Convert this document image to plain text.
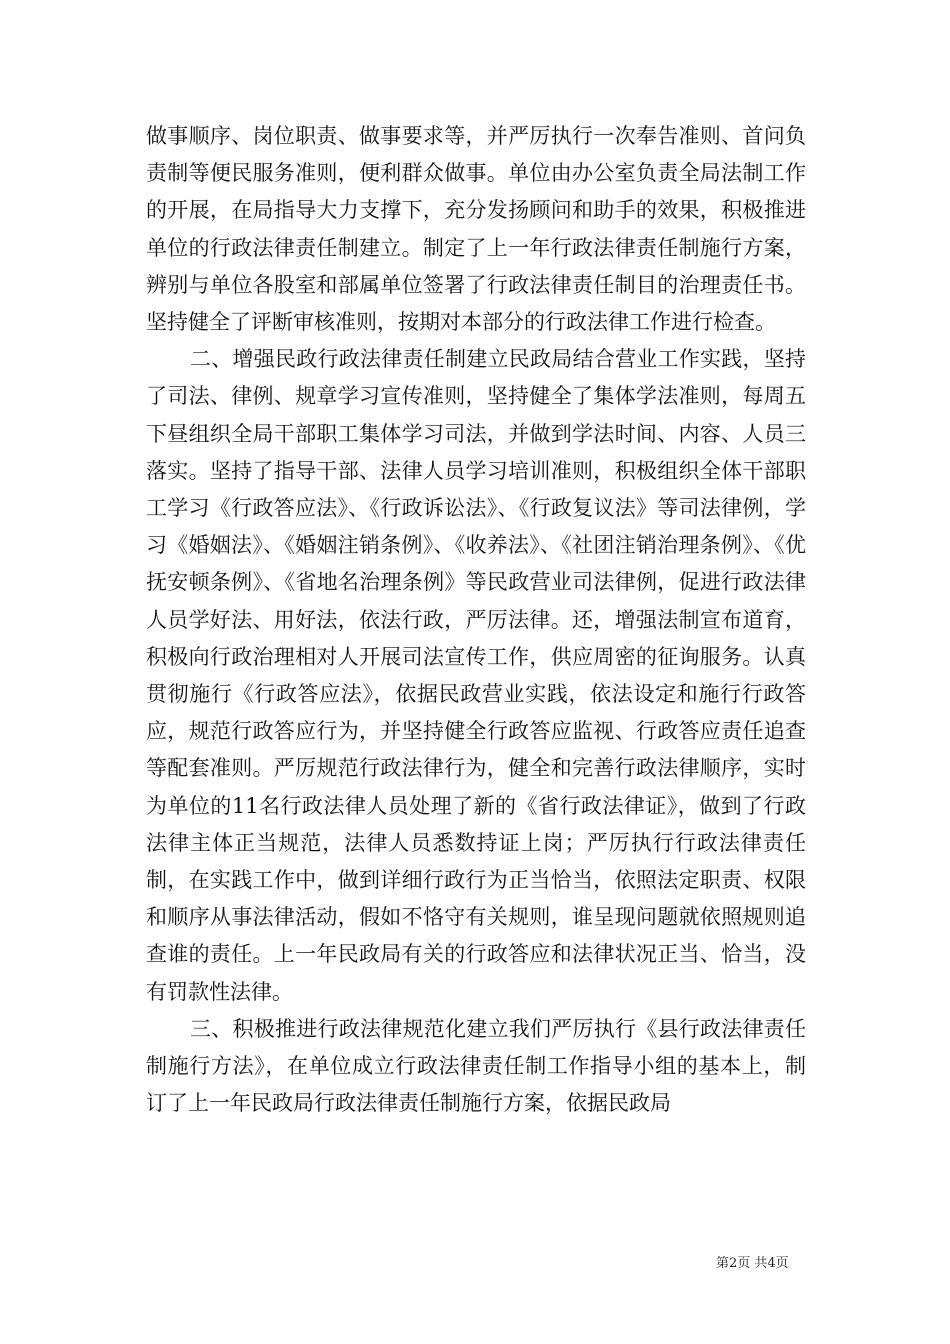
做事顺序、岗位职责、做事要求等，并严厉执行一次奉告准则、首问负责制等便民服务准则，便利群众做事。单位由办公室负责全局法制工作的开展，在局指导大力支撑下，充分发扬顾问和助手的效果，积极推进单位的行政法律责任制建立。制定了上一年行政法律责任制施行方案，辨别与单位各股室和部属单位签署了行政法律责任制目的治理责任书。坚持健全了评断审核准则，按期对本部分的行政法律工作进行检查。

二、增强民政行政法律责任制建立民政局结合营业工作实践，坚持了司法、律例、规章学习宣传准则，坚持健全了集体学法准则，每周五下昼组织全局干部职工集体学习司法，并做到学法时间、内容、人员三落实。坚持了指导干部、法律人员学习培训准则，积极组织全体干部职工学习《行政答应法》、《行政诉讼法》、《行政复议法》等司法律例，学习《婚姻法》、《婚姻注销条例》、《收养法》、《社团注销治理条例》、《优抚安顿条例》、《省地名治理条例》等民政营业司法律例，促进行政法律人员学好法、用好法，依法行政，严厉法律。还，增强法制宣布道育，积极向行政治理相对人开展司法宣传工作，供应周密的征询服务。认真贯彻施行《行政答应法》，依据民政营业实践，依法设定和施行行政答应，规范行政答应行为，并坚持健全行政答应监视、行政答应责任追查等配套准则。严厉规范行政法律行为，健全和完善行政法律顺序，实时为单位的11名行政法律人员处理了新的《省行政法律证》，做到了行政法律主体正当规范，法律人员悉数持证上岗；严厉执行行政法律责任制，在实践工作中，做到详细行政行为正当恰当，依照法定职责、权限和顺序从事法律活动，假如不恪守有关规则，谁呈现问题就依照规则追查谁的责任。上一年民政局有关的行政答应和法律状况正当、恰当，没有罚款性法律。

三、积极推进行政法律规范化建立我们严厉执行《县行政法律责任制施行方法》，在单位成立行政法律责任制工作指导小组的基本上，制订了上一年民政局行政法律责任制施行方案，依据民政局

第2页 共4页
